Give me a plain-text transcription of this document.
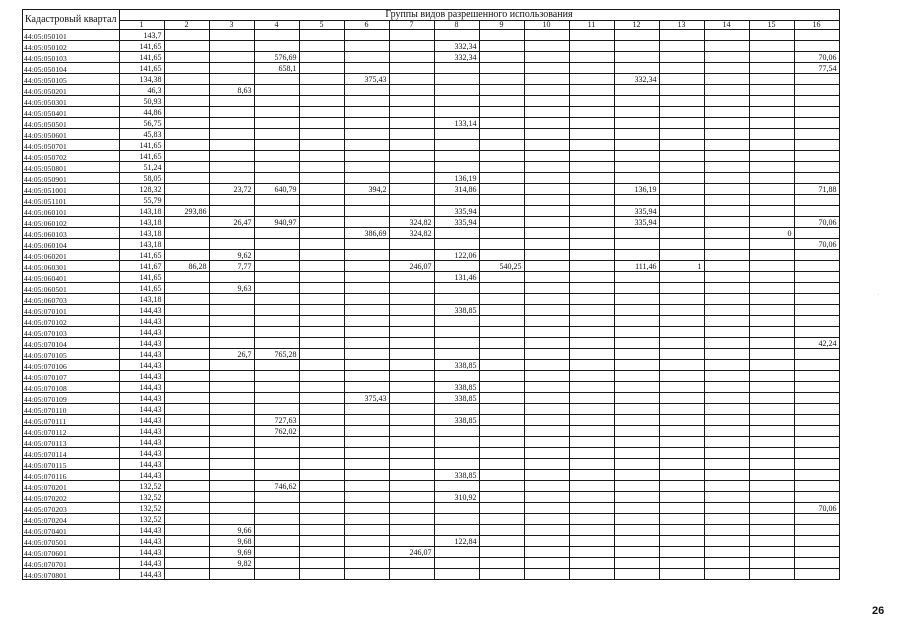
Кадастровый квартал	Группы видов разрешенного использования															
	1	2	3	4	5	6	7	8	9	10	11	12	13	14	15	16
44:05:050101	143,7															
44:05:050102	141,65							332,34								
44:05:050103	141,65			576,69				332,34								70,06
44:05:050104	141,65			658,1												77,54
44:05:050105	134,38					375,43						332,34				
44:05:050201	46,3		8,63													
44:05:050301	50,93															
44:05:050401	44,86															
44:05:050501	56,75							133,14								
44:05:050601	45,83															
44:05:050701	141,65															
44:05:050702	141,65															
44:05:050801	51,24															
44:05:050901	58,05							136,19								
44:05:051001	128,32		23,72	640,79		394,2		314,86				136,19				71,88
44:05:051101	55,79															
44:05:060101	143,18	293,86						335,94				335,94				
44:05:060102	143,18		26,47	940,97			324,82	335,94				335,94				70,06
44:05:060103	143,18					386,69	324,82								0	
44:05:060104	143,18															70,06
44:05:060201	141,65		9,62					122,06								
44:05:060301	141,67	86,28	7,77				246,07		540,25			111,46	1			
44:05:060401	141,65							131,46								
44:05:060501	141,65		9,63													
44:05:060703	143,18															
44:05:070101	144,43							338,85								
44:05:070102	144,43															
44:05:070103	144,43															
44:05:070104	144,43															42,24
44:05:070105	144,43		26,7	765,28												
44:05:070106	144,43							338,85								
44:05:070107	144,43															
44:05:070108	144,43							338,85								
44:05:070109	144,43					375,43		338,85								
44:05:070110	144,43															
44:05:070111	144,43			727,63				338,85								
44:05:070112	144,43			762,02												
44:05:070113	144,43															
44:05:070114	144,43															
44:05:070115	144,43															
44:05:070116	144,43							338,85								
44:05:070201	132,52			746,62												
44:05:070202	132,52							310,92								
44:05:070203	132,52															70,06
44:05:070204	132,52															
44:05:070401	144,43		9,66													
44:05:070501	144,43		9,68					122,84								
44:05:070601	144,43		9,69				246,07									
44:05:070701	144,43		9,82													
44:05:070801	144,43															
·
26
